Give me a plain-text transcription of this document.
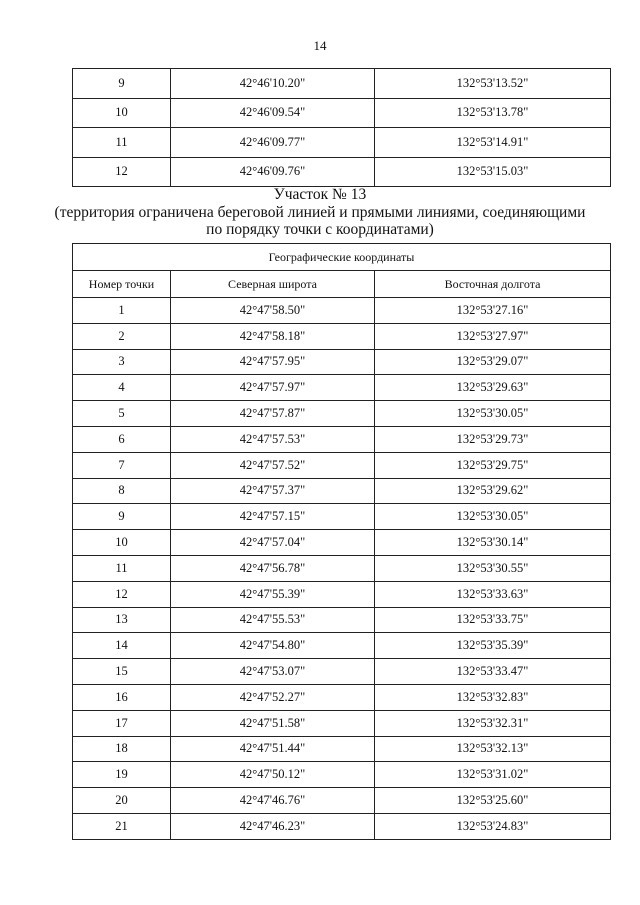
14
9	42°46'10.20"	132°53'13.52"
10	42°46'09.54"	132°53'13.78"
11	42°46'09.77"	132°53'14.91"
12	42°46'09.76"	132°53'15.03"
Участок № 13
(территория ограничена береговой линией и прямыми линиями, соединяющими
по порядку точки с координатами)
Географические координаты		
Номер точки	Северная широта	Восточная долгота
1	42°47'58.50"	132°53'27.16"
2	42°47'58.18"	132°53'27.97"
3	42°47'57.95"	132°53'29.07"
4	42°47'57.97"	132°53'29.63"
5	42°47'57.87"	132°53'30.05"
6	42°47'57.53"	132°53'29.73"
7	42°47'57.52"	132°53'29.75"
8	42°47'57.37"	132°53'29.62"
9	42°47'57.15"	132°53'30.05"
10	42°47'57.04"	132°53'30.14"
11	42°47'56.78"	132°53'30.55"
12	42°47'55.39"	132°53'33.63"
13	42°47'55.53"	132°53'33.75"
14	42°47'54.80"	132°53'35.39"
15	42°47'53.07"	132°53'33.47"
16	42°47'52.27"	132°53'32.83"
17	42°47'51.58"	132°53'32.31"
18	42°47'51.44"	132°53'32.13"
19	42°47'50.12"	132°53'31.02"
20	42°47'46.76"	132°53'25.60"
21	42°47'46.23"	132°53'24.83"
